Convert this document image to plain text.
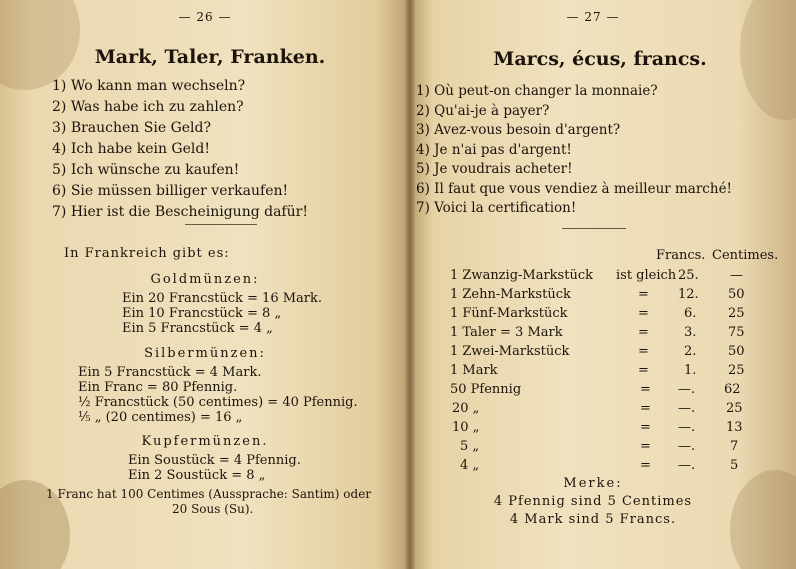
— 26 —
Mark, Taler, Franken.
1) Wo kann man wechseln?
2) Was habe ich zu zahlen?
3) Brauchen Sie Geld?
4) Ich habe kein Geld!
5) Ich wünsche zu kaufen!
6) Sie müssen billiger verkaufen!
7) Hier ist die Bescheinigung dafür!
In Frankreich gibt es:
Goldmünzen:
Ein 20 Francstück = 16 Mark.
Ein 10 Francstück = 8 „
Ein 5 Francstück = 4 „
Silbermünzen:
Ein 5 Francstück = 4 Mark.
Ein Franc = 80 Pfennig.
½ Francstück (50 centimes) = 40 Pfennig.
⅕ „ (20 centimes) = 16 „
Kupfermünzen.
Ein Soustück = 4 Pfennig.
Ein 2 Soustück = 8 „
1 Franc hat 100 Centimes (Aussprache: Santim) oder
20 Sous (Su).
— 27 —
Marcs, écus, francs.
1) Où peut-on changer la monnaie?
2) Qu'ai-je à payer?
3) Avez-vous besoin d'argent?
4) Je n'ai pas d'argent!
5) Je voudrais acheter!
6) Il faut que vous vendiez à meilleur marché!
7) Voici la certification!
Francs. Centimes.
1 Zwanzig-Markstück ist gleich 25. —
1 Zehn-Markstück	= 12. 50
1 Fünf-Markstück	=	6. 25
1 Taler = 3 Mark	=	3. 75
1 Zwei-Markstück	=	2. 50
1 Mark	=	1. 25
50 Pfennig	= —. 62
20 „	= —. 25
10 „	= —. 13
5 „	= —.	7
4 „	= —.	5
Merke:
4 Pfennig sind 5 Centimes
4 Mark sind 5 Francs.
